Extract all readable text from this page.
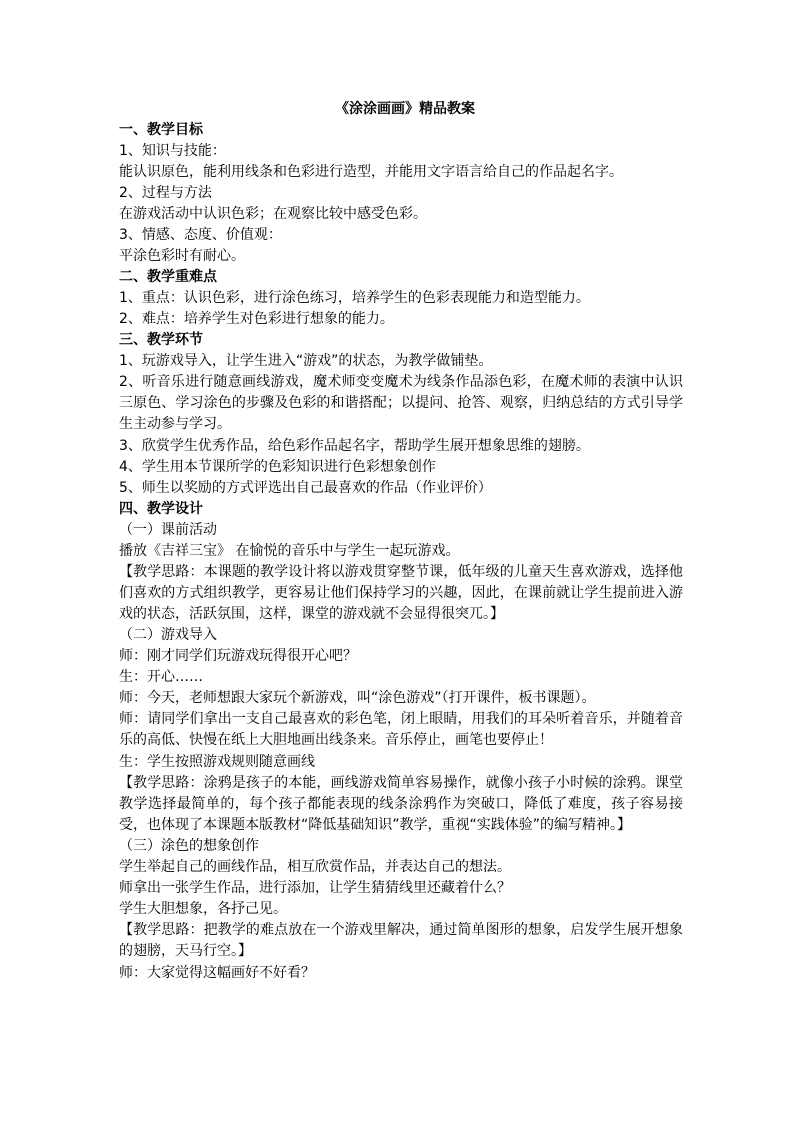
《涂涂画画》精品教案

一、教学目标

1、知识与技能：

能认识原色，能利用线条和色彩进行造型，并能用文字语言给自己的作品起名字。

2、过程与方法

在游戏活动中认识色彩；在观察比较中感受色彩。

3、情感、态度、价值观：

平涂色彩时有耐心。

二、教学重难点

1、重点：认识色彩，进行涂色练习，培养学生的色彩表现能力和造型能力。

2、难点：培养学生对色彩进行想象的能力。

三、教学环节

1、玩游戏导入，让学生进入“游戏”的状态，为教学做铺垫。

2、听音乐进行随意画线游戏，魔术师变变魔术为线条作品添色彩，在魔术师的表演中认识三原色、学习涂色的步骤及色彩的和谐搭配；以提问、抢答、观察，归纳总结的方式引导学生主动参与学习。

3、欣赏学生优秀作品，给色彩作品起名字，帮助学生展开想象思维的翅膀。

4、学生用本节课所学的色彩知识进行色彩想象创作

5、师生以奖励的方式评选出自己最喜欢的作品（作业评价）

四、教学设计

（一）课前活动

播放《吉祥三宝》 在愉悦的音乐中与学生一起玩游戏。

【教学思路：本课题的教学设计将以游戏贯穿整节课，低年级的儿童天生喜欢游戏，选择他们喜欢的方式组织教学，更容易让他们保持学习的兴趣，因此，在课前就让学生提前进入游戏的状态，活跃氛围，这样，课堂的游戏就不会显得很突兀。】

（二）游戏导入

师：刚才同学们玩游戏玩得很开心吧？

生：开心……

师：今天，老师想跟大家玩个新游戏，叫“涂色游戏”（打开课件，板书课题）。

师：请同学们拿出一支自己最喜欢的彩色笔，闭上眼睛，用我们的耳朵听着音乐，并随着音乐的高低、快慢在纸上大胆地画出线条来。音乐停止，画笔也要停止！

生：学生按照游戏规则随意画线

【教学思路：涂鸦是孩子的本能，画线游戏简单容易操作，就像小孩子小时候的涂鸦。课堂教学选择最简单的，每个孩子都能表现的线条涂鸦作为突破口，降低了难度，孩子容易接受，也体现了本课题本版教材“降低基础知识”教学，重视“实践体验”的编写精神。】

（三）涂色的想象创作

学生举起自己的画线作品，相互欣赏作品，并表达自己的想法。

师拿出一张学生作品，进行添加，让学生猜猜线里还藏着什么？

学生大胆想象，各抒己见。

【教学思路：把教学的难点放在一个游戏里解决，通过简单图形的想象，启发学生展开想象的翅膀，天马行空。】

师：大家觉得这幅画好不好看？
